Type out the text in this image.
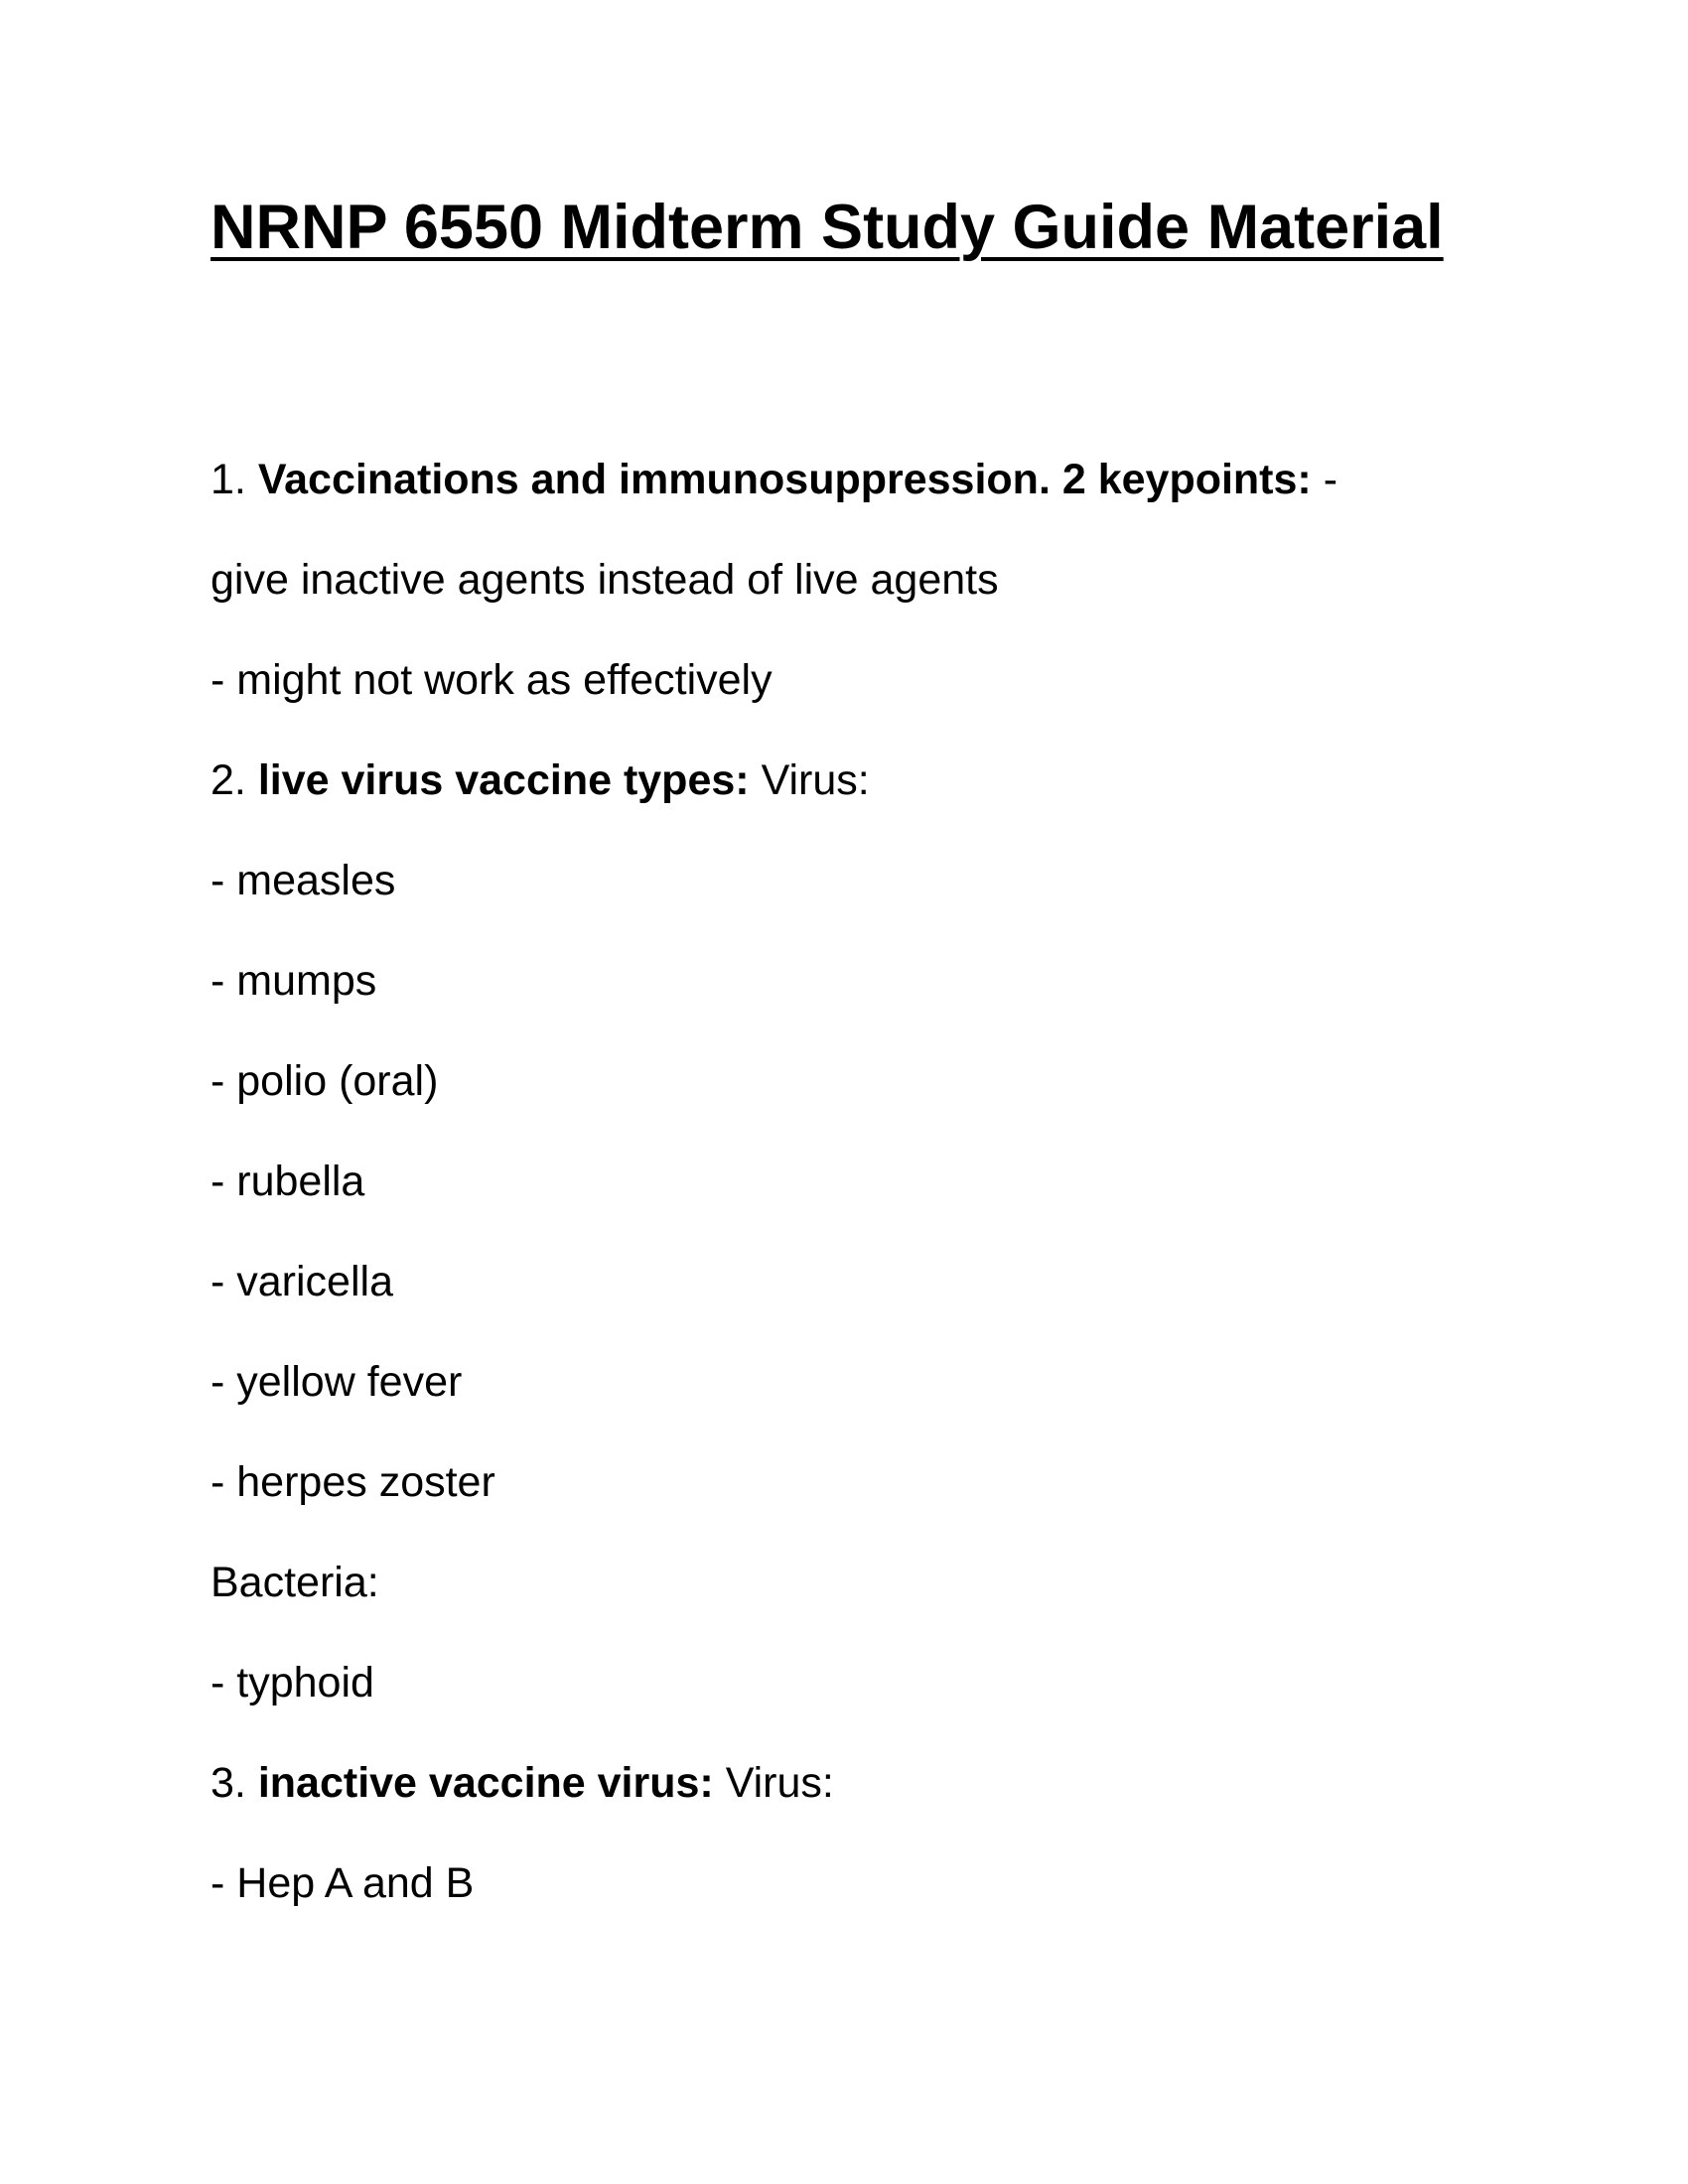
NRNP 6550 Midterm Study Guide Material
1. Vaccinations and immunosuppression. 2 keypoints: -
give inactive agents instead of live agents
- might not work as effectively
2. live virus vaccine types: Virus:
- measles
- mumps
- polio (oral)
- rubella
- varicella
- yellow fever
- herpes zoster
Bacteria:
- typhoid
3. inactive vaccine virus: Virus:
- Hep A and B
